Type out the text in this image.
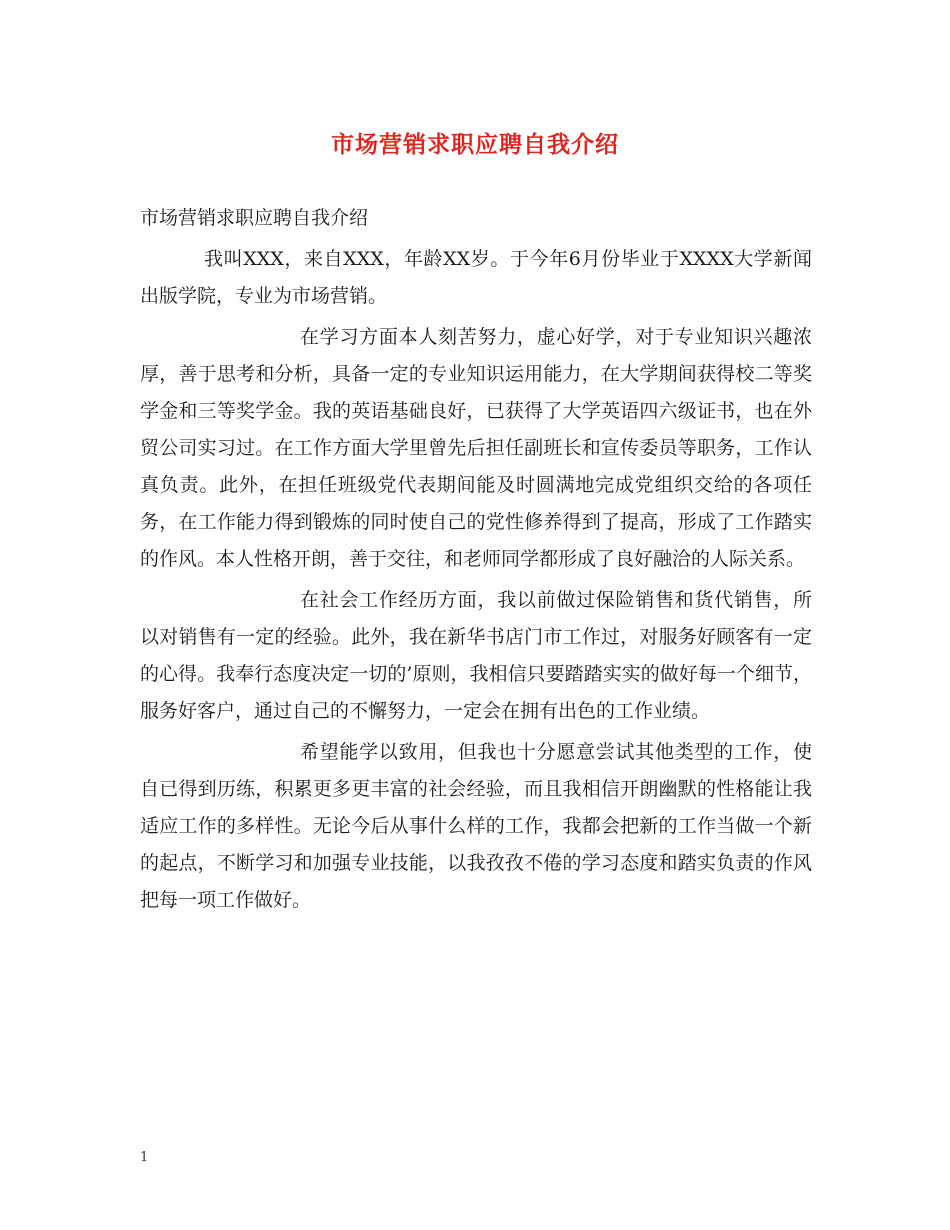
市场营销求职应聘自我介绍

市场营销求职应聘自我介绍

我叫XXX，来自XXX，年龄XX岁。于今年6月份毕业于XXXX大学新闻出版学院，专业为市场营销。

在学习方面本人刻苦努力，虚心好学，对于专业知识兴趣浓厚，善于思考和分析，具备一定的专业知识运用能力，在大学期间获得校二等奖学金和三等奖学金。我的英语基础良好，已获得了大学英语四六级证书，也在外贸公司实习过。在工作方面大学里曾先后担任副班长和宣传委员等职务，工作认真负责。此外，在担任班级党代表期间能及时圆满地完成党组织交给的各项任务，在工作能力得到锻炼的同时使自己的党性修养得到了提高，形成了工作踏实的作风。本人性格开朗，善于交往，和老师同学都形成了良好融洽的人际关系。

在社会工作经历方面，我以前做过保险销售和货代销售，所以对销售有一定的经验。此外，我在新华书店门市工作过，对服务好顾客有一定的心得。我奉行态度决定一切的’原则，我相信只要踏踏实实的做好每一个细节，服务好客户，通过自己的不懈努力，一定会在拥有出色的工作业绩。

希望能学以致用，但我也十分愿意尝试其他类型的工作，使自已得到历练，积累更多更丰富的社会经验，而且我相信开朗幽默的性格能让我适应工作的多样性。无论今后从事什么样的工作，我都会把新的工作当做一个新的起点，不断学习和加强专业技能，以我孜孜不倦的学习态度和踏实负责的作风把每一项工作做好。

1
